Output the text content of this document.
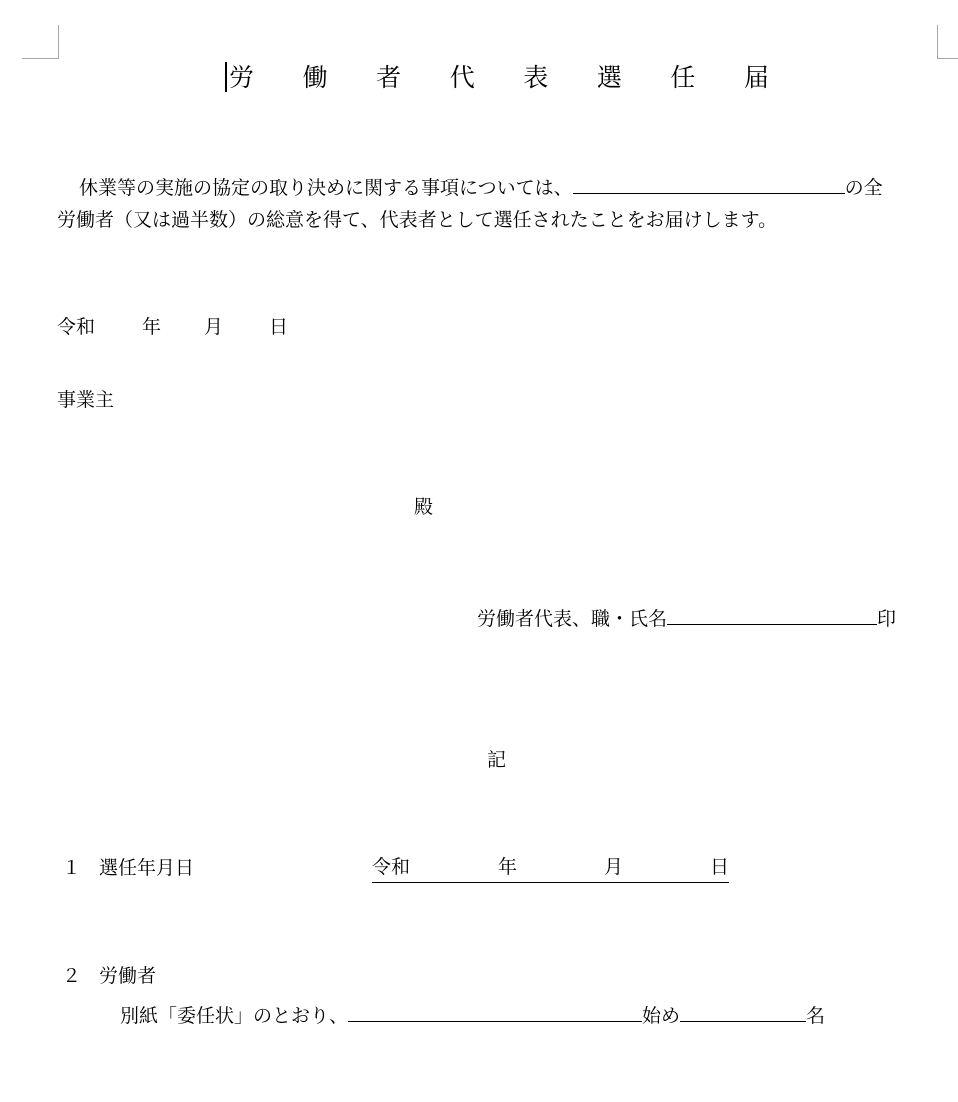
労 働 者 代 表 選 任 届
休業等の実施の協定の取り決めに関する事項については、	の全
労働者（又は過半数）の総意を得て、代表者として選任されたことをお届けします。
令和 年 月 日
事業主
殿
労働者代表、職・氏名	印
記
１ 選任年月日	令和	年	月	日
２ 労働者
別紙「委任状」のとおり、	始め	名
